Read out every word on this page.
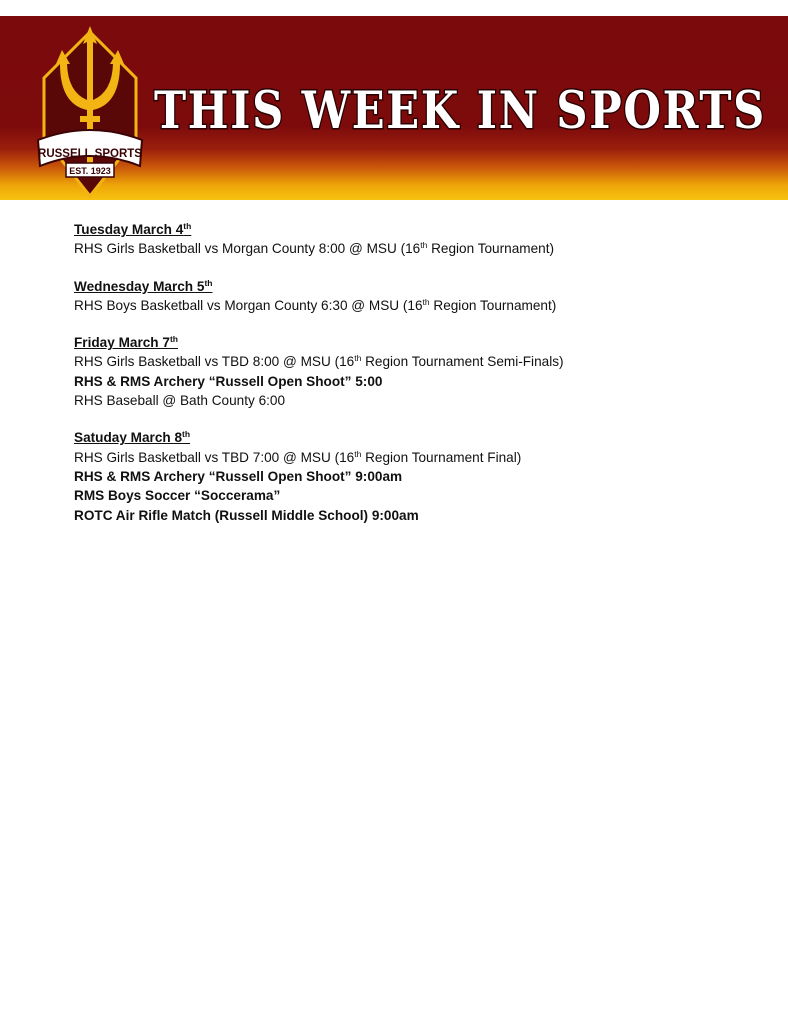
RUSSELL SPORTS
EST. 1923
THIS WEEK IN SPORTS
Tuesday March 4th
RHS Girls Basketball vs Morgan County 8:00 @ MSU (16th Region Tournament)
Wednesday March 5th
RHS Boys Basketball vs Morgan County 6:30 @ MSU (16th Region Tournament)
Friday March 7th
RHS Girls Basketball vs TBD 8:00 @ MSU (16th Region Tournament Semi-Finals)
RHS & RMS Archery “Russell Open Shoot” 5:00
RHS Baseball @ Bath County 6:00
Satuday March 8th
RHS Girls Basketball vs TBD 7:00 @ MSU (16th Region Tournament Final)
RHS & RMS Archery “Russell Open Shoot” 9:00am
RMS Boys Soccer “Soccerama”
ROTC Air Rifle Match (Russell Middle School) 9:00am
